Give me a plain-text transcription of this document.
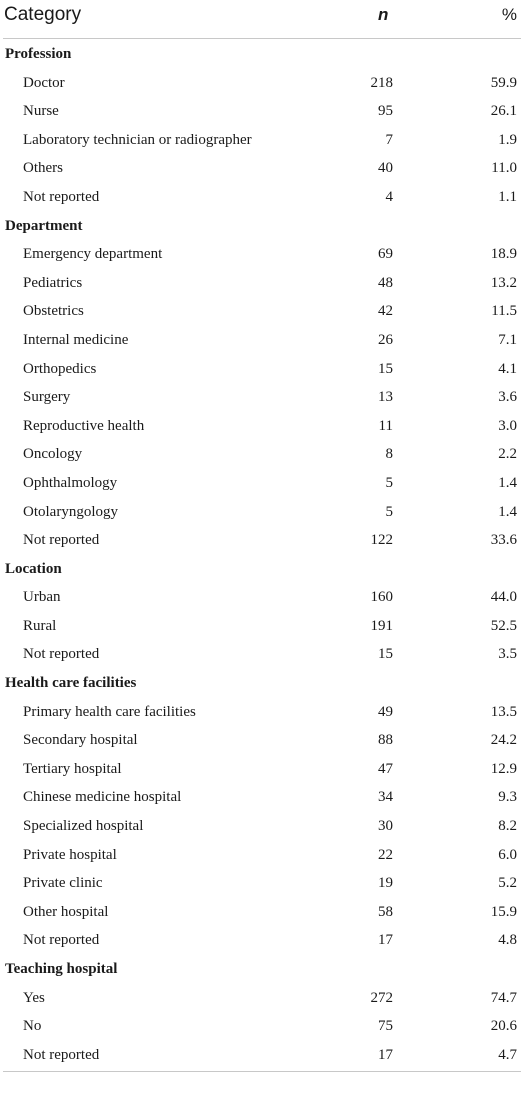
Category	n	%
Profession
Doctor	218	59.9
Nurse	95	26.1
Laboratory technician or radiographer	7	1.9
Others	40	11.0
Not reported	4	1.1
Department
Emergency department	69	18.9
Pediatrics	48	13.2
Obstetrics	42	11.5
Internal medicine	26	7.1
Orthopedics	15	4.1
Surgery	13	3.6
Reproductive health	11	3.0
Oncology	8	2.2
Ophthalmology	5	1.4
Otolaryngology	5	1.4
Not reported	122	33.6
Location
Urban	160	44.0
Rural	191	52.5
Not reported	15	3.5
Health care facilities
Primary health care facilities	49	13.5
Secondary hospital	88	24.2
Tertiary hospital	47	12.9
Chinese medicine hospital	34	9.3
Specialized hospital	30	8.2
Private hospital	22	6.0
Private clinic	19	5.2
Other hospital	58	15.9
Not reported	17	4.8
Teaching hospital
Yes	272	74.7
No	75	20.6
Not reported	17	4.7
